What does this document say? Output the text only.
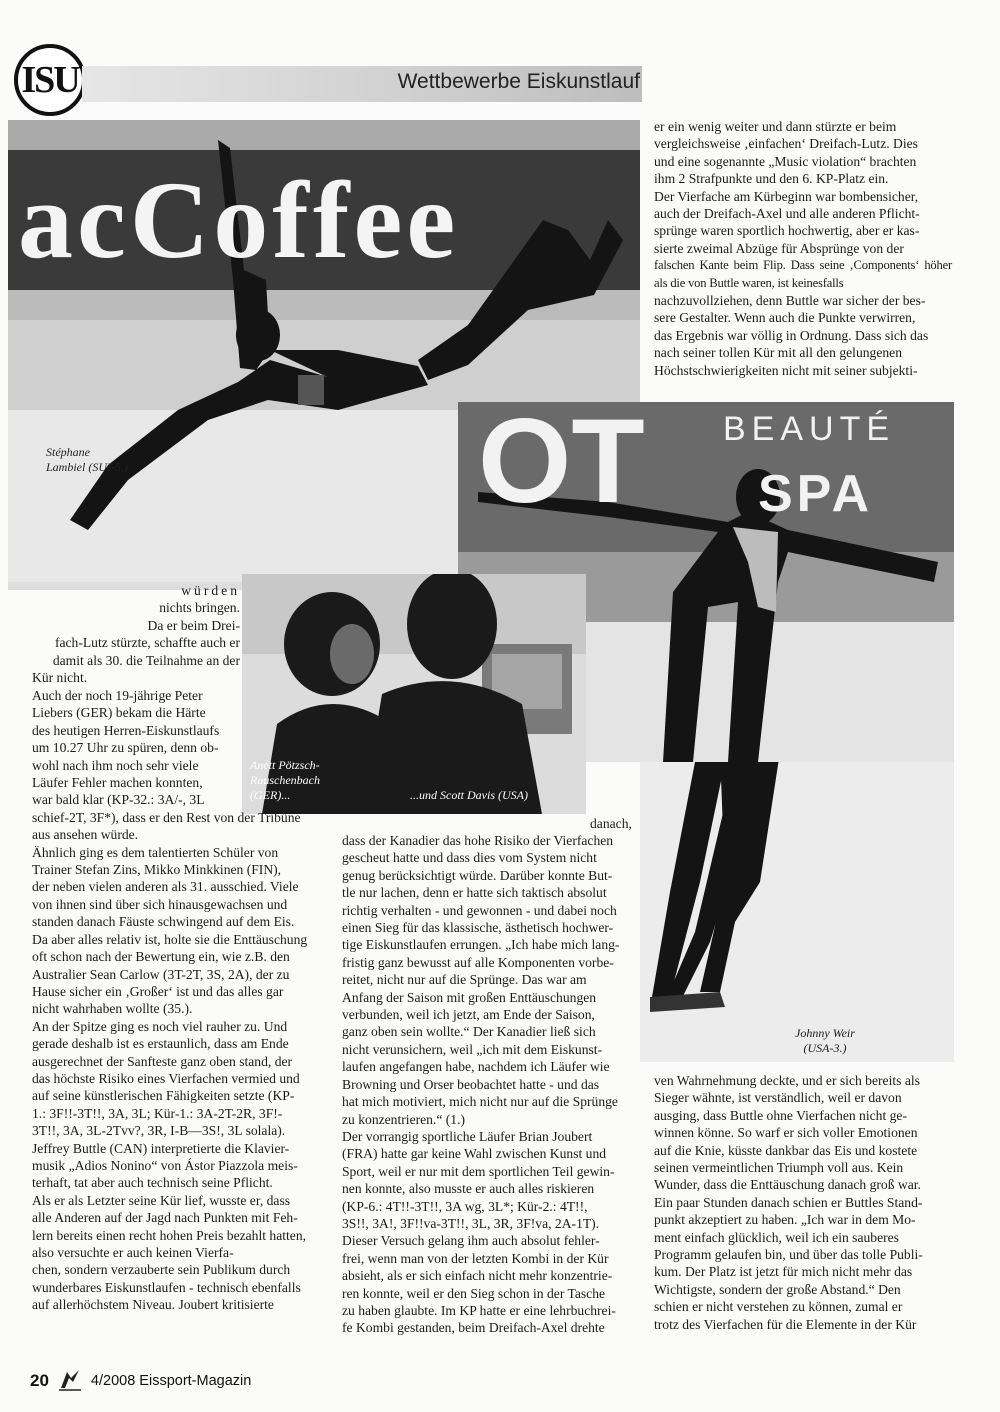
ISU	Wettbewerbe Eiskunstlauf
acCoffee
Stéphane
Lambiel (SUI-5.)

er ein wenig weiter und dann stürzte er beim

vergleichsweise ‚einfachen‘ Dreifach-Lutz. Dies

und eine sogenannte „Music violation“ brachten

ihm 2 Strafpunkte und den 6. KP-Platz ein.

Der Vierfache am Kürbeginn war bombensicher,

auch der Dreifach-Axel und alle anderen Pflicht-

sprünge waren sportlich hochwertig, aber er kas-

sierte zweimal Abzüge für Absprünge von der

falschen Kante beim Flip. Dass seine ‚Components‘ höher als die von Buttle waren, ist keinesfalls

nachzuvollziehen, denn Buttle war sicher der bes-

sere Gestalter. Wenn auch die Punkte verwirren,

das Ergebnis war völlig in Ordnung. Dass sich das

nach seiner tollen Kür mit all den gelungenen

Höchstschwierigkeiten nicht mit seiner subjekti-

OT BEAUTÉ
SPA
Johnny Weir
(USA-3.)
Anett Pötzsch-
Rauschenbach
(GER)...	...und Scott Davis (USA)

würden

nichts bringen.

Da er beim Drei-

fach-Lutz stürzte, schaffte auch er

damit als 30. die Teilnahme an der

Kür nicht.

Auch der noch 19-jährige Peter

Liebers (GER) bekam die Härte

des heutigen Herren-Eiskunstlaufs

um 10.27 Uhr zu spüren, denn ob-

wohl nach ihm noch sehr viele

Läufer Fehler machen konnten,

war bald klar (KP-32.: 3A/-, 3L

schief-2T, 3F*), dass er den Rest von der Tribüne

aus ansehen würde.

Ähnlich ging es dem talentierten Schüler von

Trainer Stefan Zins, Mikko Minkkinen (FIN),

der neben vielen anderen als 31. ausschied. Viele

von ihnen sind über sich hinausgewachsen und

standen danach Fäuste schwingend auf dem Eis.

Da aber alles relativ ist, holte sie die Enttäuschung

oft schon nach der Bewertung ein, wie z.B. den

Australier Sean Carlow (3T-2T, 3S, 2A), der zu

Hause sicher ein ‚Großer‘ ist und das alles gar

nicht wahrhaben wollte (35.).

An der Spitze ging es noch viel rauher zu. Und

gerade deshalb ist es erstaunlich, dass am Ende

ausgerechnet der Sanfteste ganz oben stand, der

das höchste Risiko eines Vierfachen vermied und

auf seine künstlerischen Fähigkeiten setzte (KP-

1.: 3F!!-3T!!, 3A, 3L; Kür-1.: 3A-2T-2R, 3F!-

3T!!, 3A, 3L-2Tvv?, 3R, I-B—3S!, 3L solala).

Jeffrey Buttle (CAN) interpretierte die Klavier-

musik „Adios Nonino“ von Ástor Piazzola meis-

terhaft, tat aber auch technisch seine Pflicht.

Als er als Letzter seine Kür lief, wusste er, dass

alle Anderen auf der Jagd nach Punkten mit Feh-

lern bereits einen recht hohen Preis bezahlt hatten,

also versuchte er auch keinen Vierfa-

chen, sondern verzauberte sein Publikum durch

wunderbares Eiskunstlaufen - technisch ebenfalls

auf allerhöchstem Niveau. Joubert kritisierte

danach,

dass der Kanadier das hohe Risiko der Vierfachen

gescheut hatte und dass dies vom System nicht

genug berücksichtigt würde. Darüber konnte But-

tle nur lachen, denn er hatte sich taktisch absolut

richtig verhalten - und gewonnen - und dabei noch

einen Sieg für das klassische, ästhetisch hochwer-

tige Eiskunstlaufen errungen. „Ich habe mich lang-

fristig ganz bewusst auf alle Komponenten vorbe-

reitet, nicht nur auf die Sprünge. Das war am

Anfang der Saison mit großen Enttäuschungen

verbunden, weil ich jetzt, am Ende der Saison,

ganz oben sein wollte.“ Der Kanadier ließ sich

nicht verunsichern, weil „ich mit dem Eiskunst-

laufen angefangen habe, nachdem ich Läufer wie

Browning und Orser beobachtet hatte - und das

hat mich motiviert, mich nicht nur auf die Sprünge

zu konzentrieren.“ (1.)

Der vorrangig sportliche Läufer Brian Joubert

(FRA) hatte gar keine Wahl zwischen Kunst und

Sport, weil er nur mit dem sportlichen Teil gewin-

nen konnte, also musste er auch alles riskieren

(KP-6.: 4T!!-3T!!, 3A wg, 3L*; Kür-2.: 4T!!,

3S!!, 3A!, 3F!!va-3T!!, 3L, 3R, 3F!va, 2A-1T).

Dieser Versuch gelang ihm auch absolut fehler-

frei, wenn man von der letzten Kombi in der Kür

absieht, als er sich einfach nicht mehr konzentrie-

ren konnte, weil er den Sieg schon in der Tasche

zu haben glaubte. Im KP hatte er eine lehrbuchrei-

fe Kombi gestanden, beim Dreifach-Axel drehte

ven Wahrnehmung deckte, und er sich bereits als

Sieger wähnte, ist verständlich, weil er davon

ausging, dass Buttle ohne Vierfachen nicht ge-

winnen könne. So warf er sich voller Emotionen

auf die Knie, küsste dankbar das Eis und kostete

seinen vermeintlichen Triumph voll aus. Kein

Wunder, dass die Enttäuschung danach groß war.

Ein paar Stunden danach schien er Buttles Stand-

punkt akzeptiert zu haben. „Ich war in dem Mo-

ment einfach glücklich, weil ich ein sauberes

Programm gelaufen bin, und über das tolle Publi-

kum. Der Platz ist jetzt für mich nicht mehr das

Wichtigste, sondern der große Abstand.“ Den

schien er nicht verstehen zu können, zumal er

trotz des Vierfachen für die Elemente in der Kür

20	4/2008 Eissport-Magazin
